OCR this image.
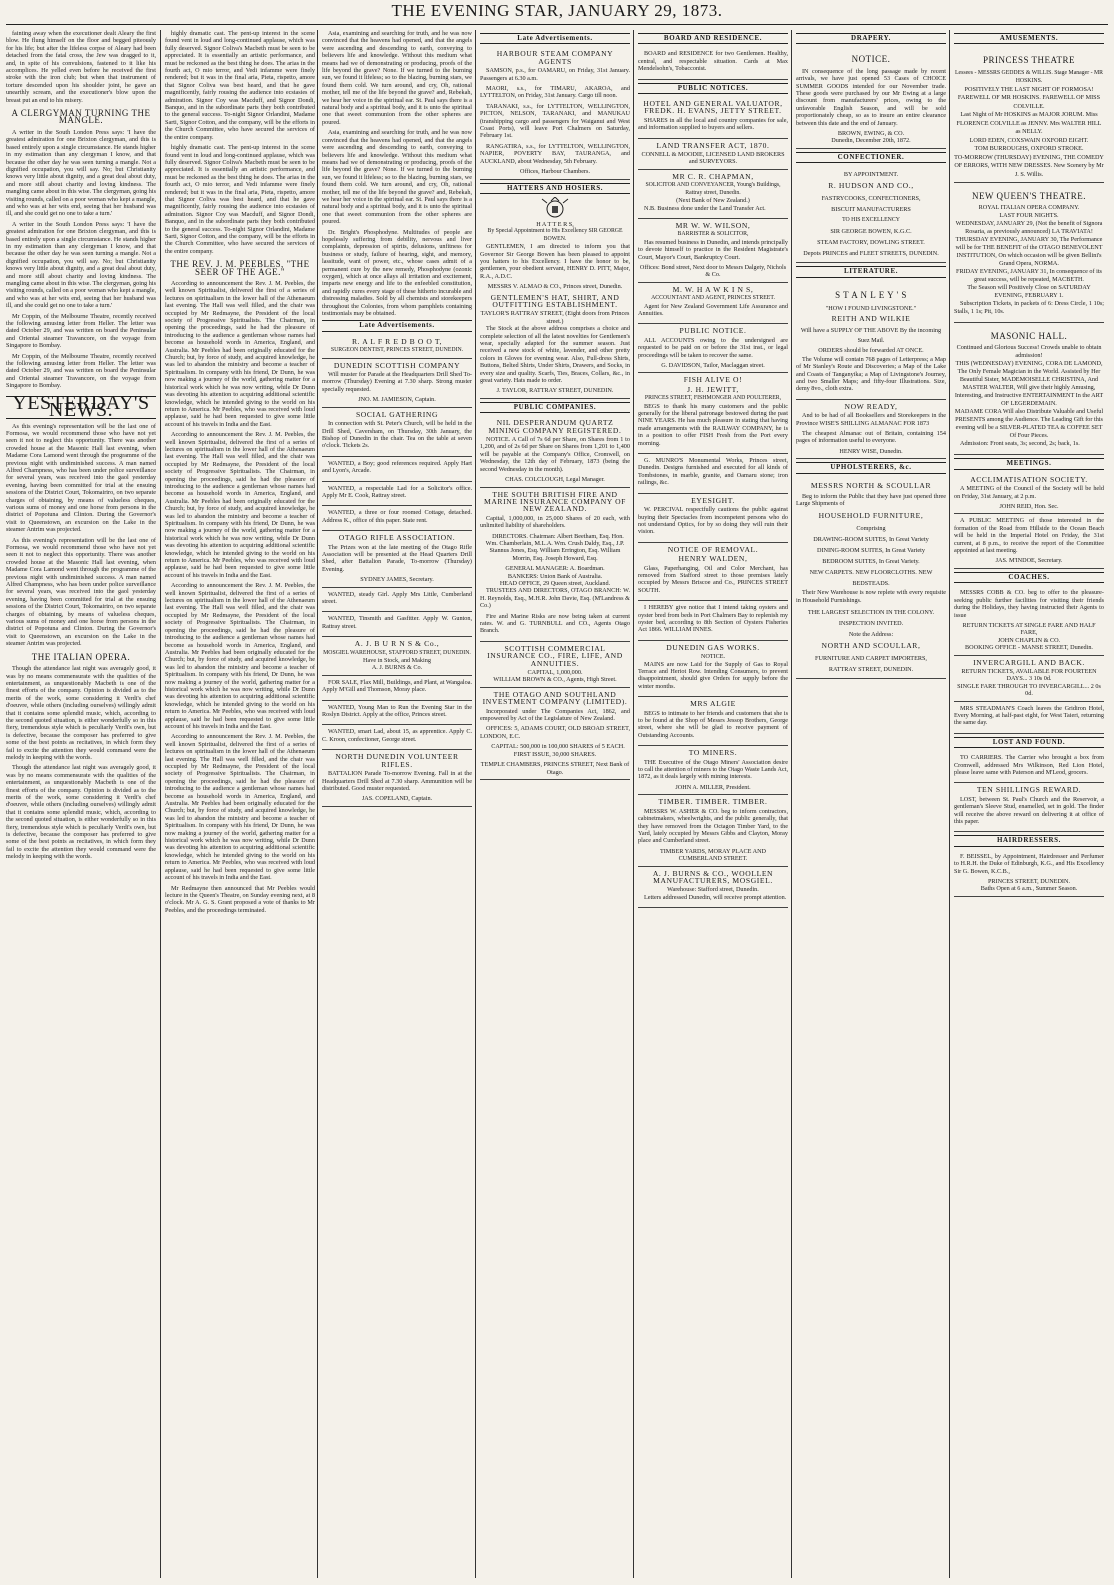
THE EVENING STAR, JANUARY 29, 1873.

fainting away when the executioner dealt Aleary the first blow. He flung himself on the floor and begged piteously for his life; but after the lifeless corpse of Aleary had been detached from the fatal cross, the Jew was dragged to it, and, in spite of his convulsions, fastened to it like his accomplices. He yelled even before he received the first stroke with the iron club; but when that instrument of torture descended upon his shoulder joint, he gave an unearthly scream, and the executioner's blow upon the breast put an end to his misery.

A CLERGYMAN TURNING THE MANGLE.

A writer in the South London Press says: 'I have the greatest admiration for one Brixton clergyman, and this is based entirely upon a single circumstance. He stands higher in my estimation than any clergyman I know, and that because the other day he was seen turning a mangle. Not a dignified occupation, you will say. No; but Christianity knows very little about dignity, and a great deal about duty, and more still about charity and loving kindness. The mangling came about in this wise. The clergyman, going his visiting rounds, called on a poor woman who kept a mangle, and who was at her wits end, seeing that her husband was ill, and she could get no one to take a turn.'

A writer in the South London Press says: 'I have the greatest admiration for one Brixton clergyman, and this is based entirely upon a single circumstance. He stands higher in my estimation than any clergyman I know, and that because the other day he was seen turning a mangle. Not a dignified occupation, you will say. No; but Christianity knows very little about dignity, and a great deal about duty, and more still about charity and loving kindness. The mangling came about in this wise. The clergyman, going his visiting rounds, called on a poor woman who kept a mangle, and who was at her wits end, seeing that her husband was ill, and she could get no one to take a turn.'

Mr Coppin, of the Melbourne Theatre, recently received the following amusing letter from Heller. The letter was dated October 29, and was written on board the Peninsular and Oriental steamer Travancore, on the voyage from Singapore to Bombay.

Mr Coppin, of the Melbourne Theatre, recently received the following amusing letter from Heller. The letter was dated October 29, and was written on board the Peninsular and Oriental steamer Travancore, on the voyage from Singapore to Bombay.

YESTERDAY'S NEWS.

As this evening's representation will be the last one of Formosa, we would recommend those who have not yet seen it not to neglect this opportunity. There was another crowded house at the Masonic Hall last evening, when Madame Cora Lamond went through the programme of the previous night with undiminished success. A man named Alfred Champness, who has been under police surveillance for several years, was received into the gaol yesterday evening, having been committed for trial at the ensuing sessions of the District Court, Tokomairiro, on two separate charges of obtaining, by means of valueless cheques, various sums of money and one horse from persons in the district of Popotuna and Clinton. During the Governor's visit to Queenstown, an excursion on the Lake in the steamer Antrim was projected.

As this evening's representation will be the last one of Formosa, we would recommend those who have not yet seen it not to neglect this opportunity. There was another crowded house at the Masonic Hall last evening, when Madame Cora Lamond went through the programme of the previous night with undiminished success. A man named Alfred Champness, who has been under police surveillance for several years, was received into the gaol yesterday evening, having been committed for trial at the ensuing sessions of the District Court, Tokomairiro, on two separate charges of obtaining, by means of valueless cheques, various sums of money and one horse from persons in the district of Popotuna and Clinton. During the Governor's visit to Queenstown, an excursion on the Lake in the steamer Antrim was projected.

THE ITALIAN OPERA.

Though the attendance last night was averagely good, it was by no means commensurate with the qualities of the entertainment, as unquestionably Macbeth is one of the finest efforts of the company. Opinion is divided as to the merits of the work, some considering it Verdi's chef d'oeuvre, while others (including ourselves) willingly admit that it contains some splendid music, which, according to the second quoted situation, is either wonderfully so in this fiery, tremendous style which is peculiarly Verdi's own, but is defective, because the composer has preferred to give some of the best points as recitatives, in which form they fail to excite the attention they would command were the melody in keeping with the words.

Though the attendance last night was averagely good, it was by no means commensurate with the qualities of the entertainment, as unquestionably Macbeth is one of the finest efforts of the company. Opinion is divided as to the merits of the work, some considering it Verdi's chef d'oeuvre, while others (including ourselves) willingly admit that it contains some splendid music, which, according to the second quoted situation, is either wonderfully so in this fiery, tremendous style which is peculiarly Verdi's own, but is defective, because the composer has preferred to give some of the best points as recitatives, in which form they fail to excite the attention they would command were the melody in keeping with the words.

highly dramatic cast. The pent-up interest in the scene found vent in loud and long-continued applause, which was fully deserved. Signor Coliva's Macbeth must be seen to be appreciated. It is essentially an artistic performance, and must be reckoned as the best thing he does. The arias in the fourth act, O mio terror, and Vedi infamme were finely rendered; but it was in the final aria, Pieta, rispetto, amore that Signor Coliva was best heard, and that he gave magnificently, fairly rousing the audience into ecstasies of admiration. Signor Coy was Macduff, and Signor Dondi, Banquo, and in the subordinate parts they both contributed to the general success. To-night Signor Orlandini, Madame Sarti, Signor Cotton, and the company, will be the efforts in the Church Committee, who have secured the services of the entire company.

highly dramatic cast. The pent-up interest in the scene found vent in loud and long-continued applause, which was fully deserved. Signor Coliva's Macbeth must be seen to be appreciated. It is essentially an artistic performance, and must be reckoned as the best thing he does. The arias in the fourth act, O mio terror, and Vedi infamme were finely rendered; but it was in the final aria, Pieta, rispetto, amore that Signor Coliva was best heard, and that he gave magnificently, fairly rousing the audience into ecstasies of admiration. Signor Coy was Macduff, and Signor Dondi, Banquo, and in the subordinate parts they both contributed to the general success. To-night Signor Orlandini, Madame Sarti, Signor Cotton, and the company, will be the efforts in the Church Committee, who have secured the services of the entire company.

THE REV. J. M. PEEBLES, "THE SEER OF THE AGE."

According to announcement the Rev. J. M. Peebles, the well known Spiritualist, delivered the first of a series of lectures on spiritualism in the lower hall of the Athenaeum last evening. The Hall was well filled, and the chair was occupied by Mr Redmayne, the President of the local society of Progressive Spiritualists. The Chairman, in opening the proceedings, said he had the pleasure of introducing to the audience a gentleman whose names had become as household words in America, England, and Australia. Mr Peebles had been originally educated for the Church; but, by force of study, and acquired knowledge, he was led to abandon the ministry and become a teacher of Spiritualism. In company with his friend, Dr Dunn, he was now making a journey of the world, gathering matter for a historical work which he was now writing, while Dr Dunn was devoting his attention to acquiring additional scientific knowledge, which he intended giving to the world on his return to America. Mr Peebles, who was received with loud applause, said he had been requested to give some little account of his travels in India and the East.

According to announcement the Rev. J. M. Peebles, the well known Spiritualist, delivered the first of a series of lectures on spiritualism in the lower hall of the Athenaeum last evening. The Hall was well filled, and the chair was occupied by Mr Redmayne, the President of the local society of Progressive Spiritualists. The Chairman, in opening the proceedings, said he had the pleasure of introducing to the audience a gentleman whose names had become as household words in America, England, and Australia. Mr Peebles had been originally educated for the Church; but, by force of study, and acquired knowledge, he was led to abandon the ministry and become a teacher of Spiritualism. In company with his friend, Dr Dunn, he was now making a journey of the world, gathering matter for a historical work which he was now writing, while Dr Dunn was devoting his attention to acquiring additional scientific knowledge, which he intended giving to the world on his return to America. Mr Peebles, who was received with loud applause, said he had been requested to give some little account of his travels in India and the East.

According to announcement the Rev. J. M. Peebles, the well known Spiritualist, delivered the first of a series of lectures on spiritualism in the lower hall of the Athenaeum last evening. The Hall was well filled, and the chair was occupied by Mr Redmayne, the President of the local society of Progressive Spiritualists. The Chairman, in opening the proceedings, said he had the pleasure of introducing to the audience a gentleman whose names had become as household words in America, England, and Australia. Mr Peebles had been originally educated for the Church; but, by force of study, and acquired knowledge, he was led to abandon the ministry and become a teacher of Spiritualism. In company with his friend, Dr Dunn, he was now making a journey of the world, gathering matter for a historical work which he was now writing, while Dr Dunn was devoting his attention to acquiring additional scientific knowledge, which he intended giving to the world on his return to America. Mr Peebles, who was received with loud applause, said he had been requested to give some little account of his travels in India and the East.

According to announcement the Rev. J. M. Peebles, the well known Spiritualist, delivered the first of a series of lectures on spiritualism in the lower hall of the Athenaeum last evening. The Hall was well filled, and the chair was occupied by Mr Redmayne, the President of the local society of Progressive Spiritualists. The Chairman, in opening the proceedings, said he had the pleasure of introducing to the audience a gentleman whose names had become as household words in America, England, and Australia. Mr Peebles had been originally educated for the Church; but, by force of study, and acquired knowledge, he was led to abandon the ministry and become a teacher of Spiritualism. In company with his friend, Dr Dunn, he was now making a journey of the world, gathering matter for a historical work which he was now writing, while Dr Dunn was devoting his attention to acquiring additional scientific knowledge, which he intended giving to the world on his return to America. Mr Peebles, who was received with loud applause, said he had been requested to give some little account of his travels in India and the East.

Mr Redmayne then announced that Mr Peebles would lecture in the Queen's Theatre, on Sunday evening next, at 8 o'clock. Mr A. G. S. Grant proposed a vote of thanks to Mr Peebles, and the proceedings terminated.

Asia, examining and searching for truth, and he was now convinced that the heavens had opened, and that the angels were ascending and descending to earth, conveying to believers life and knowledge. Without this medium what means had we of demonstrating or producing, proofs of the life beyond the grave? None. If we turned to the burning sun, we found it lifeless; so to the blazing, burning stars, we found them cold. We turn around, and cry, Oh, rational mother, tell me of the life beyond the grave? and, Rebekah, we hear her voice in the spiritual ear. St. Paul says there is a natural body and a spiritual body, and it is unto the spiritual one that sweet communion from the other spheres are poured.

Asia, examining and searching for truth, and he was now convinced that the heavens had opened, and that the angels were ascending and descending to earth, conveying to believers life and knowledge. Without this medium what means had we of demonstrating or producing, proofs of the life beyond the grave? None. If we turned to the burning sun, we found it lifeless; so to the blazing, burning stars, we found them cold. We turn around, and cry, Oh, rational mother, tell me of the life beyond the grave? and, Rebekah, we hear her voice in the spiritual ear. St. Paul says there is a natural body and a spiritual body, and it is unto the spiritual one that sweet communion from the other spheres are poured.

Dr. Bright's Phosphodyne. Multitudes of people are hopelessly suffering from debility, nervous and liver complaints, depression of spirits, delusions, unfitness for business or study, failure of hearing, sight, and memory, lassitude, want of power, etc., whose cases admit of a permanent cure by the new remedy, Phosphodyne (ozonic oxygen), which at once allays all irritation and excitement, imparts new energy and life to the enfeebled constitution, and rapidly cures every stage of these hitherto incurable and distressing maladies. Sold by all chemists and storekeepers throughout the Colonies, from whom pamphlets containing testimonials may be obtained.

Late Advertisements.
R. A L F R E D B O O T,
SURGEON DENTIST, PRINCES STREET, DUNEDIN.
DUNEDIN SCOTTISH COMPANY

Will muster for Parade at the Headquarters Drill Shed To-morrow (Thursday) Evening at 7.30 sharp. Strong muster specially requested.

JNO. M. JAMIESON, Captain.
SOCIAL GATHERING

In connection with St. Peter's Church, will be held in the Drill Shed, Caversham, on Thursday, 30th January, the Bishop of Dunedin in the chair. Tea on the table at seven o'clock. Tickets 2s.

WANTED, a Boy; good references required. Apply Hart and Lyon's, Arcade.

WANTED, a respectable Lad for a Solicitor's office. Apply Mr E. Cook, Rattray street.

WANTED, a three or four roomed Cottage, detached. Address K., office of this paper. State rent.

OTAGO RIFLE ASSOCIATION.

The Prizes won at the late meeting of the Otago Rifle Association will be presented at the Head Quarters Drill Shed, after Battalion Parade, To-morrow (Thursday) Evening.

SYDNEY JAMES, Secretary.

WANTED, steady Girl. Apply Mrs Little, Cumberland street.

WANTED, Tinsmith and Gasfitter. Apply W. Gunton, Rattray street.

A. J. B U R N S & Co.,
MOSGIEL WAREHOUSE, STAFFORD STREET, DUNEDIN.
Have in Stock, and Making
A. J. BURNS & Co.

FOR SALE, Flax Mill, Buildings, and Plant, at Wangaloa. Apply M'Gill and Thomson, Moray place.

WANTED, Young Man to Run the Evening Star in the Roslyn District. Apply at the office, Princes street.

WANTED, smart Lad, about 15, as apprentice. Apply C. C. Kroon, confectioner, George street.

NORTH DUNEDIN VOLUNTEER RIFLES.

BATTALION Parade To-morrow Evening. Fall in at the Headquarters Drill Shed at 7.30 sharp. Ammunition will be distributed. Good muster requested.

JAS. COPELAND, Captain.
Late Advertisements.
HARBOUR STEAM COMPANY AGENTS

SAMSON, p.s., for OAMARU, on Friday, 31st January. Passengers at 6.30 a.m.

MAORI, s.s., for TIMARU, AKAROA, and LYTTELTON, on Friday, 31st January. Cargo till noon.

TARANAKI, s.s., for LYTTELTON, WELLINGTON, PICTON, NELSON, TARANAKI, and MANUKAU (transhipping cargo and passengers for Waiganui and West Coast Ports), will leave Port Chalmers on Saturday, February 1st.

RANGATIRA, s.s., for LYTTELTON, WELLINGTON, NAPIER, POVERTY BAY, TAURANGA, and AUCKLAND, about Wednesday, 5th February.

Offices, Harbour Chambers.
HATTERS AND HOSIERS.
H A T T E R S,
By Special Appointment to His Excellency SIR GEORGE BOWEN.

GENTLEMEN, I am directed to inform you that Governor Sir George Bowen has been pleased to appoint you hatters to his Excellency. I have the honor to be, gentlemen, your obedient servant, HENRY D. PITT, Major, R.A., A.D.C.

MESSRS V. ALMAO & CO., Princes street, Dunedin.
GENTLEMEN'S HAT, SHIRT, AND OUTFITTING ESTABLISHMENT.
TAYLOR'S RATTRAY STREET, (Eight doors from Princes street.)

The Stock at the above address comprises a choice and complete selection of all the latest novelties for Gentlemen's wear, specially adapted for the summer season. Just received a new stock of white, lavender, and other pretty colors in Gloves for evening wear. Also, Full-dress Shirts, Buttons, Belted Shirts, Under Shirts, Drawers, and Socks, in every size and quality. Scarfs, Ties, Braces, Collars, &c., in great variety. Hats made to order.

J. TAYLOR, RATTRAY STREET, DUNEDIN.
PUBLIC COMPANIES.
NIL DESPERANDUM QUARTZ MINING COMPANY REGISTERED.

NOTICE. A Call of 7s 6d per Share, on Shares from 1 to 1,200, and of 2s 6d per Share on Shares from 1,201 to 1,400 will be payable at the Company's Office, Cromwell, on Wednesday, the 12th day of February, 1873 (being the second Wednesday in the month).

CHAS. COLCLOUGH, Legal Manager.
THE SOUTH BRITISH FIRE AND MARINE INSURANCE COMPANY OF NEW ZEALAND.

Capital, 1,000,000, in 25,000 Shares of 20 each, with unlimited liability of shareholders.

DIRECTORS. Chairman: Albert Beetham, Esq. Hon. Wm. Chamberlain, M.L.A. Wm. Crush Daldy, Esq., J.P. Stannus Jones, Esq. William Errington, Esq. William Morrin, Esq. Joseph Howard, Esq.

GENERAL MANAGER: A. Boardman.
BANKERS: Union Bank of Australia.
HEAD OFFICE, 29 Queen street, Auckland.

TRUSTEES AND DIRECTORS, OTAGO BRANCH: W. H. Reynolds, Esq., M.H.R. John Davie, Esq. (M'Landress & Co.)

Fire and Marine Risks are now being taken at current rates. W. and G. TURNBULL and CO., Agents Otago Branch.

SCOTTISH COMMERCIAL INSURANCE CO., FIRE, LIFE, AND ANNUITIES.
CAPITAL, 1,000,000.
WILLIAM BROWN & CO., Agents, High Street.
THE OTAGO AND SOUTHLAND INVESTMENT COMPANY (LIMITED).

Incorporated under The Companies Act, 1862, and empowered by Act of the Legislature of New Zealand.

OFFICES: 5, ADAMS COURT, OLD BROAD STREET, LONDON, E.C.

CAPITAL: 500,000 in 100,000 SHARES of 5 EACH. FIRST ISSUE, 30,000 SHARES.

TEMPLE CHAMBERS, PRINCES STREET, Next Bank of Otago.
BOARD AND RESIDENCE.

BOARD and RESIDENCE for two Gentlemen. Healthy, central, and respectable situation. Cards at Max Mendelsohn's, Tobacconist.

PUBLIC NOTICES.
HOTEL AND GENERAL VALUATOR, FREDK. H. EVANS, JETTY STREET.

SHARES in all the local and country companies for sale, and information supplied to buyers and sellers.

LAND TRANSFER ACT, 1870.
CONNELL & MOODIE, LICENSED LAND BROKERS and SURVEYORS.
MR C. R. CHAPMAN,
SOLICITOR AND CONVEYANCER, Young's Buildings, Rattray street, Dunedin.
(Next Bank of New Zealand.)

N.B. Business done under the Land Transfer Act.

MR W. W. WILSON,
BARRISTER & SOLICITOR,

Has resumed business in Dunedin, and intends principally to devote himself to practice in the Resident Magistrate's Court, Mayor's Court, Bankruptcy Court.

Offices: Bond street, Next door to Messrs Dalgety, Nichols & Co.
M. W. H A W K I N S,
ACCOUNTANT AND AGENT, PRINCES STREET.

Agent for New Zealand Government Life Assurance and Annuities.

PUBLIC NOTICE.

ALL ACCOUNTS owing to the undersigned are requested to be paid on or before the 31st inst., or legal proceedings will be taken to recover the same.

G. DAVIDSON, Tailor, Maclaggan street.
FISH ALIVE O!
J. H. JEWITT,
PRINCES STREET, FISHMONGER AND POULTERER,

BEGS to thank his many customers and the public generally for the liberal patronage bestowed during the past NINE YEARS. He has much pleasure in stating that having made arrangements with the RAILWAY COMPANY, he is in a position to offer FISH Fresh from the Port every morning.

G. MUNRO'S Monumental Works, Princes street, Dunedin. Designs furnished and executed for all kinds of Tombstones, in marble, granite, and Oamaru stone; iron railings, &c.

EYESIGHT.

W. PERCIVAL respectfully cautions the public against buying their Spectacles from incompetent persons who do not understand Optics, for by so doing they will ruin their vision.

NOTICE OF REMOVAL.
HENRY WALDEN,

Glass, Paperhanging, Oil and Color Merchant, has removed from Stafford street to those premises lately occupied by Messrs Briscoe and Co., PRINCES STREET SOUTH.

I HEREBY give notice that I intend taking oysters and oyster bred from beds in Port Chalmers Bay to replenish my oyster bed, according to 8th Section of Oysters Fisheries Act 1866. WILLIAM INNES.

DUNEDIN GAS WORKS.
NOTICE.

MAINS are now Laid for the Supply of Gas to Royal Terrace and Heriot Row. Intending Consumers, to prevent disappointment, should give Orders for supply before the winter months.

MRS ALGIE

BEGS to intimate to her friends and customers that she is to be found at the Shop of Messrs Jessop Brothers, George street, where she will be glad to receive payment of Outstanding Accounts.

TO MINERS.

THE Executive of the Otago Miners' Association desire to call the attention of miners to the Otago Waste Lands Act, 1872, as it deals largely with mining interests.

JOHN A. MILLER, President.
TIMBER. TIMBER. TIMBER.

MESSRS W. ASHER & CO. beg to inform contractors, cabinetmakers, wheelwrights, and the public generally, that they have removed from the Octagon Timber Yard, to the Yard, lately occupied by Messrs Gibbs and Clayton, Moray place and Cumberland street.

TIMBER YARDS, MORAY PLACE AND CUMBERLAND STREET.
A. J. BURNS & CO., WOOLLEN MANUFACTURERS, MOSGIEL.
Warehouse: Stafford street, Dunedin.

Letters addressed Dunedin, will receive prompt attention.

DRAPERY.
NOTICE.

IN consequence of the long passage made by recent arrivals, we have just opened 53 Cases of CHOICE SUMMER GOODS intended for our November trade. These goods were purchased by our Mr Ewing at a large discount from manufacturers' prices, owing to the unfavorable English Season, and will be sold proportionately cheap, so as to insure an entire clearance between this date and the end of January.

BROWN, EWING, & CO.
Dunedin, December 20th, 1872.
CONFECTIONER.
BY APPOINTMENT.
R. HUDSON AND CO.,
FASTRYCOOKS, CONFECTIONERS,
BISCUIT MANUFACTURERS
TO HIS EXCELLENCY
SIR GEORGE BOWEN, K.G.C.
STEAM FACTORY, DOWLING STREET.
Depots PRINCES and FLEET STREETS, DUNEDIN.
LITERATURE.
S T A N L E Y ' S
"HOW I FOUND LIVINGSTONE."
REITH AND WILKIE
Will have a SUPPLY OF THE ABOVE By the incoming Suez Mail.
ORDERS should be forwarded AT ONCE.

The Volume will contain 768 pages of Letterpress; a Map of Mr Stanley's Route and Discoveries; a Map of the Lake and Coasts of Tanganyika; a Map of Livingstone's Journey, and two Smaller Maps; and fifty-four Illustrations. Size, demy 8vo., cloth extra.

NOW READY,

And to be had of all Booksellers and Storekeepers in the Province WISE'S SHILLING ALMANAC FOR 1873

The cheapest Almanac out of Britain, containing 154 pages of information useful to everyone.

HENRY WISE, Dunedin.
UPHOLSTERERS, &c.
MESSRS NORTH & SCOULLAR

Beg to inform the Public that they have just opened three Large Shipments of

HOUSEHOLD FURNITURE,
Comprising
DRAWING-ROOM SUITES, In Great Variety
DINING-ROOM SUITES, In Great Variety
BEDROOM SUITES, In Great Variety.
NEW CARPETS. NEW FLOORCLOTHS. NEW BEDSTEADS.

Their New Warehouse is now replete with every requisite in Household Furnishings.

THE LARGEST SELECTION IN THE COLONY.
INSPECTION INVITED.
Note the Address:
NORTH AND SCOULLAR,
FURNITURE AND CARPET IMPORTERS,
RATTRAY STREET, DUNEDIN.
AMUSEMENTS.
PRINCESS THEATRE
Lessees - MESSRS GEDDES & WILLIS. Stage Manager - MR HOSKINS.
POSITIVELY THE LAST NIGHT OF FORMOSA!
FAREWELL OF MR HOSKINS. FAREWELL OF MISS COLVILLE.
Last Night of Mr HOSKINS as MAJOR JORUM. Miss FLORENCE COLVILLE as JENNY. Mrs WALTER HILL as NELLY.
LORD EDEN, COXSWAIN OXFORD EIGHT.
TOM BURROUGHS, OXFORD STROKE.
TO-MORROW (THURSDAY) EVENING, THE COMEDY OF ERRORS, WITH NEW DRESSES. New Scenery by Mr J. S. Willis.
NEW QUEEN'S THEATRE.
ROYAL ITALIAN OPERA COMPANY.
LAST FOUR NIGHTS.
WEDNESDAY, JANUARY 29, (Not the benefit of Signora Rosaria, as previously announced) LA TRAVIATA!
THURSDAY EVENING, JANUARY 30, The Performance will be for THE BENEFIT of the OTAGO BENEVOLENT INSTITUTION, On which occasion will be given Bellini's Grand Opera, NORMA.
FRIDAY EVENING, JANUARY 31, In consequence of its great success, will be repeated, MACBETH.
The Season will Positively Close on SATURDAY EVENING, FEBRUARY 1.

Subscription Tickets, in packets of 6: Dress Circle, 1 10s; Stalls, 1 1s; Pit, 10s.

MASONIC HALL.
Continued and Glorious Success! Crowds unable to obtain admission!
THIS (WEDNESDAY) EVENING, CORA DE LAMOND,
The Only Female Magician in the World. Assisted by Her Beautiful Sister, MADEMOISELLE CHRISTINA, And MASTER WALTER, Will give their highly Amusing, Interesting, and Instructive ENTERTAINMENT In the ART OF LEGERDEMAIN.
MADAME CORA Will also Distribute Valuable and Useful PRESENTS among the Audience. The Leading Gift for this evening will be a SILVER-PLATED TEA & COFFEE SET Of Four Pieces.

Admission: Front seats, 3s; second, 2s; back, 1s.

MEETINGS.
ACCLIMATISATION SOCIETY.

A MEETING of the Council of the Society will be held on Friday, 31st January, at 2 p.m.

JOHN REID, Hon. Sec.

A PUBLIC MEETING of those interested in the formation of the Road from Hillside to the Ocean Beach will be held in the Imperial Hotel on Friday, the 31st current, at 8 p.m., to receive the report of the Committee appointed at last meeting.

JAS. M'INDOE, Secretary.
COACHES.

MESSRS COBB & CO. beg to offer to the pleasure-seeking public further facilities for visiting their friends during the Holidays, they having instructed their Agents to issue

RETURN TICKETS AT SINGLE FARE AND HALF FARE,
JOHN CHAPLIN & CO.
BOOKING OFFICE - MANSE STREET, Dunedin.
INVERCARGILL AND BACK.
RETURN TICKETS, AVAILABLE FOR FOURTEEN DAYS... 3 10s 0d.
SINGLE FARE THROUGH TO INVERCARGILL... 2 0s 0d.

MRS STEADMAN'S Coach leaves the Gridiron Hotel, Every Morning, at half-past eight, for West Taieri, returning the same day.

LOST AND FOUND.

TO CARRIERS. The Carrier who brought a box from Cromwell, addressed Mrs Wilkinson, Red Lion Hotel, please leave same with Paterson and M'Leod, grocers.

TEN SHILLINGS REWARD.

LOST, between St. Paul's Church and the Reservoir, a gentleman's Sleeve Stud, enamelled, set in gold. The finder will receive the above reward on delivering it at office of this paper.

HAIRDRESSERS.

F. BEISSEL, by Appointment, Hairdresser and Perfumer to H.R.H. the Duke of Edinburgh, K.G., and His Excellency Sir G. Bowen, K.C.B.,

PRINCES STREET, DUNEDIN.
Baths Open at 6 a.m., Summer Season.
